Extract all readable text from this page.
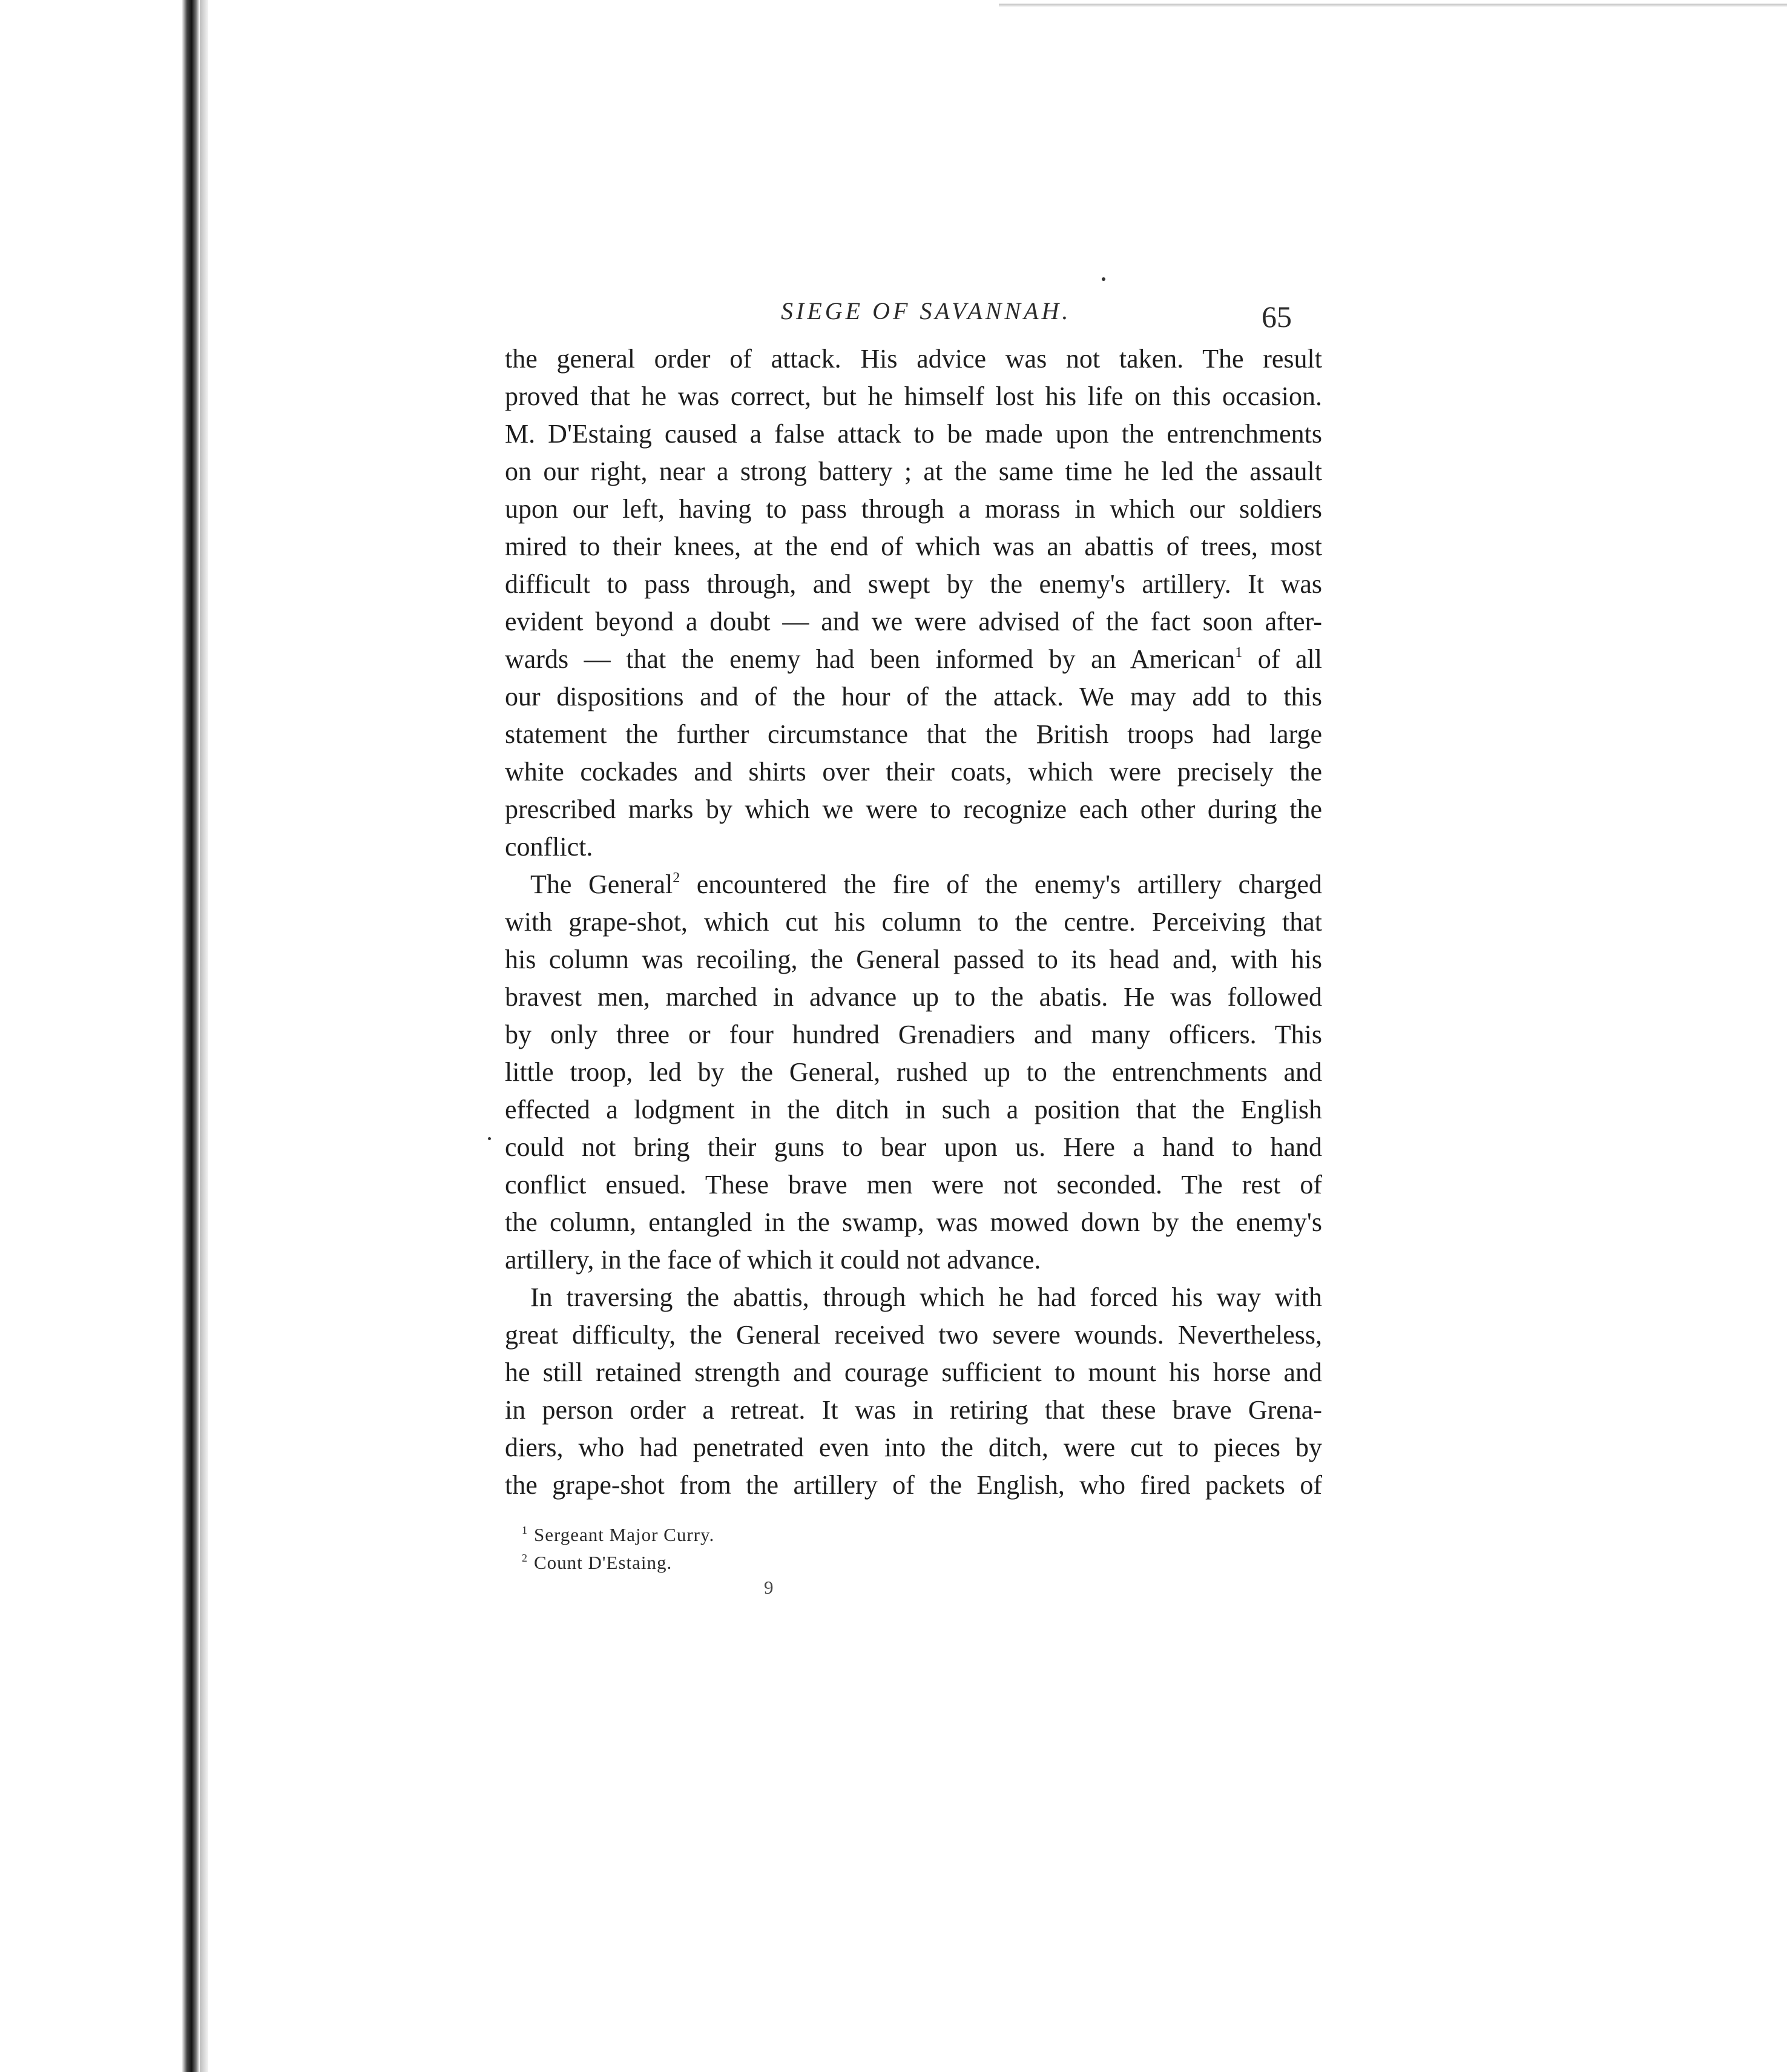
SIEGE OF SAVANNAH.	65
the general order of attack. His advice was not taken. The result
proved that he was correct, but he himself lost his life on this occasion.
M. D'Estaing caused a false attack to be made upon the entrenchments
on our right, near a strong battery ; at the same time he led the assault
upon our left, having to pass through a morass in which our soldiers
mired to their knees, at the end of which was an abattis of trees, most
difficult to pass through, and swept by the enemy's artillery. It was
evident beyond a doubt — and we were advised of the fact soon after-
wards — that the enemy had been informed by an American$^1$ of all
our dispositions and of the hour of the attack. We may add to this
statement the further circumstance that the British troops had large
white cockades and shirts over their coats, which were precisely the
prescribed marks by which we were to recognize each other during the
conflict.
The General$^2$ encountered the fire of the enemy's artillery charged
with grape-shot, which cut his column to the centre. Perceiving that
his column was recoiling, the General passed to its head and, with his
bravest men, marched in advance up to the abatis. He was followed
by only three or four hundred Grenadiers and many officers. This
little troop, led by the General, rushed up to the entrenchments and
effected a lodgment in the ditch in such a position that the English
could not bring their guns to bear upon us. Here a hand to hand
conflict ensued. These brave men were not seconded. The rest of
the column, entangled in the swamp, was mowed down by the enemy's
artillery, in the face of which it could not advance.
In traversing the abattis, through which he had forced his way with
great difficulty, the General received two severe wounds. Nevertheless,
he still retained strength and courage sufficient to mount his horse and
in person order a retreat. It was in retiring that these brave Grena-
diers, who had penetrated even into the ditch, were cut to pieces by
the grape-shot from the artillery of the English, who fired packets of
$^1$ Sergeant Major Curry.
$^2$ Count D'Estaing.
9
